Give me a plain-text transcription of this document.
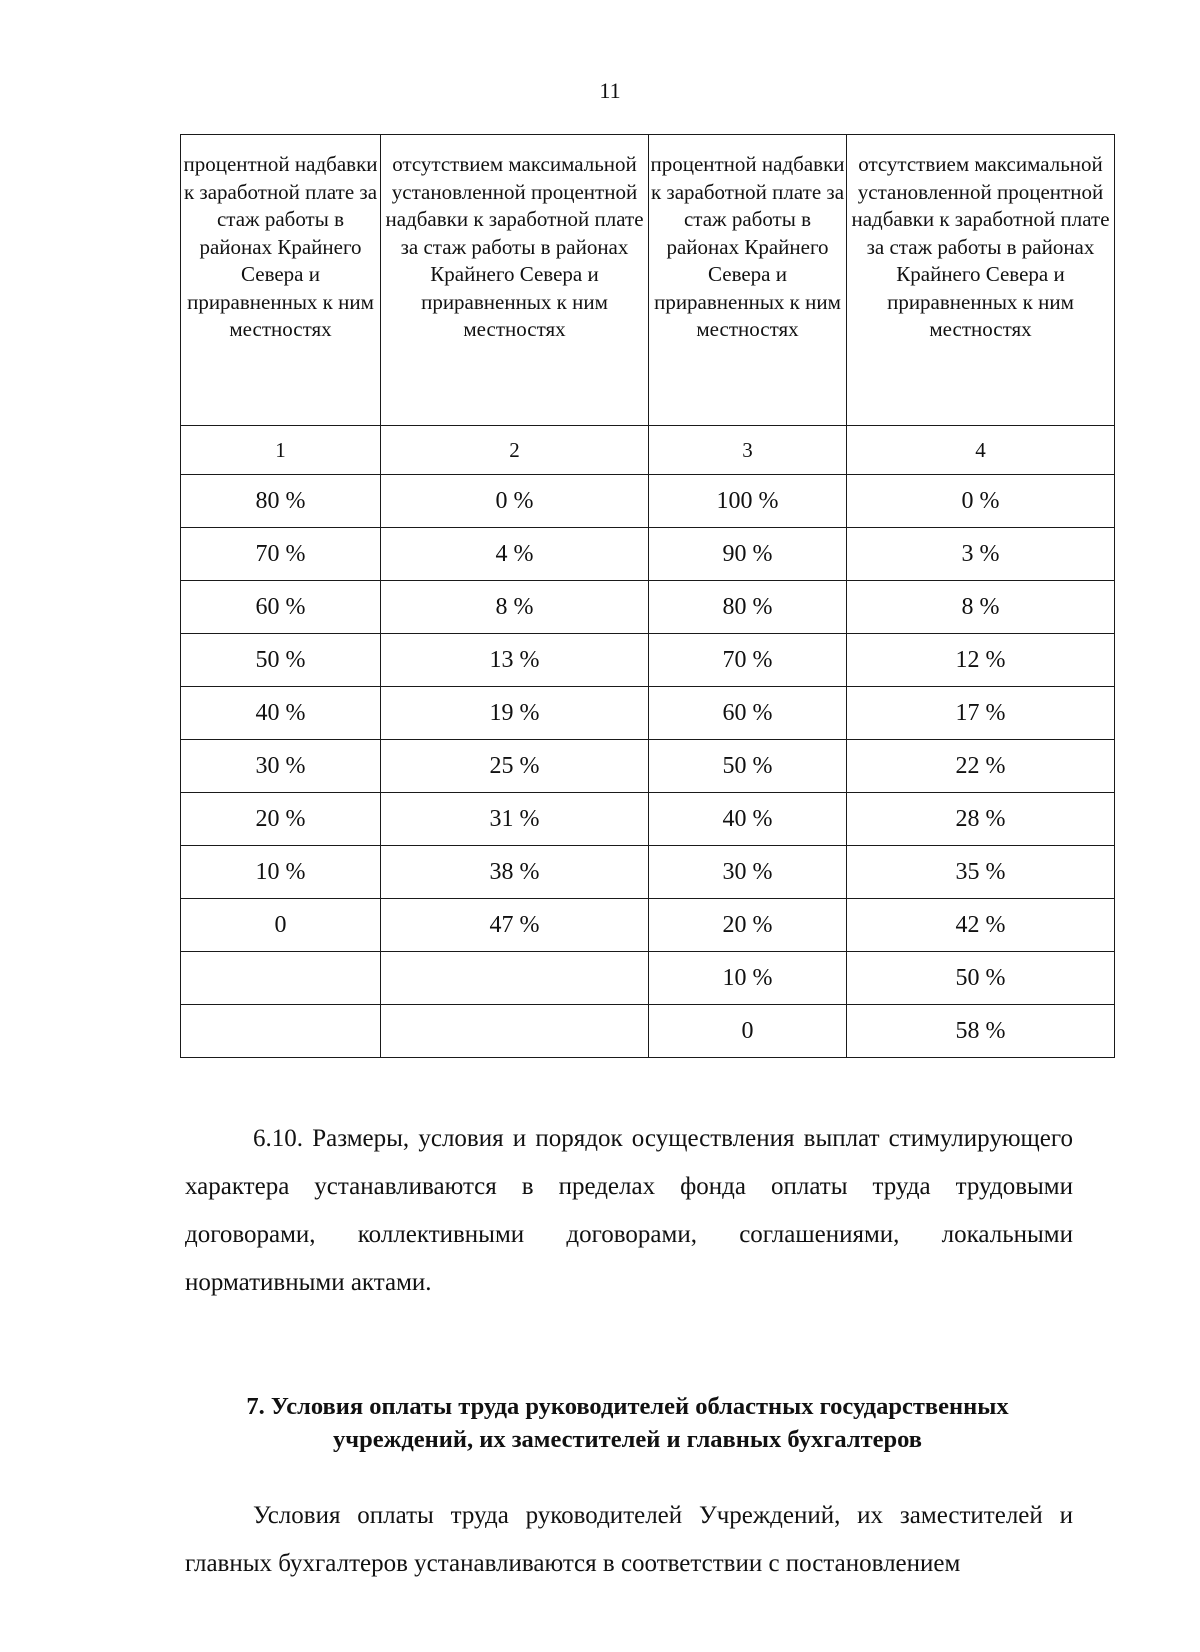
11
процентной надбавки к заработной плате за стаж работы в районах Крайнего Севера и приравненных к ним местностях	отсутствием максимальной установленной процентной надбавки к заработной плате за стаж работы в районах Крайнего Севера и приравненных к ним местностях	процентной надбавки к заработной плате за стаж работы в районах Крайнего Севера и приравненных к ним местностях	отсутствием максимальной установленной процентной надбавки к заработной плате за стаж работы в районах Крайнего Севера и приравненных к ним местностях
1	2	3	4
80 %	0 %	100 %	0 %
70 %	4 %	90 %	3 %
60 %	8 %	80 %	8 %
50 %	13 %	70 %	12 %
40 %	19 %	60 %	17 %
30 %	25 %	50 %	22 %
20 %	31 %	40 %	28 %
10 %	38 %	30 %	35 %
0	47 %	20 %	42 %
		10 %	50 %
		0	58 %

6.10. Размеры, условия и порядок осуществления выплат стимулирующего характера устанавливаются в пределах фонда оплаты труда трудовыми договорами, коллективными договорами, соглашениями, локальными нормативными актами.

7. Условия оплаты труда руководителей областных государственных
учреждений, их заместителей и главных бухгалтеров

Условия оплаты труда руководителей Учреждений, их заместителей и главных бухгалтеров устанавливаются в соответствии с постановлением
